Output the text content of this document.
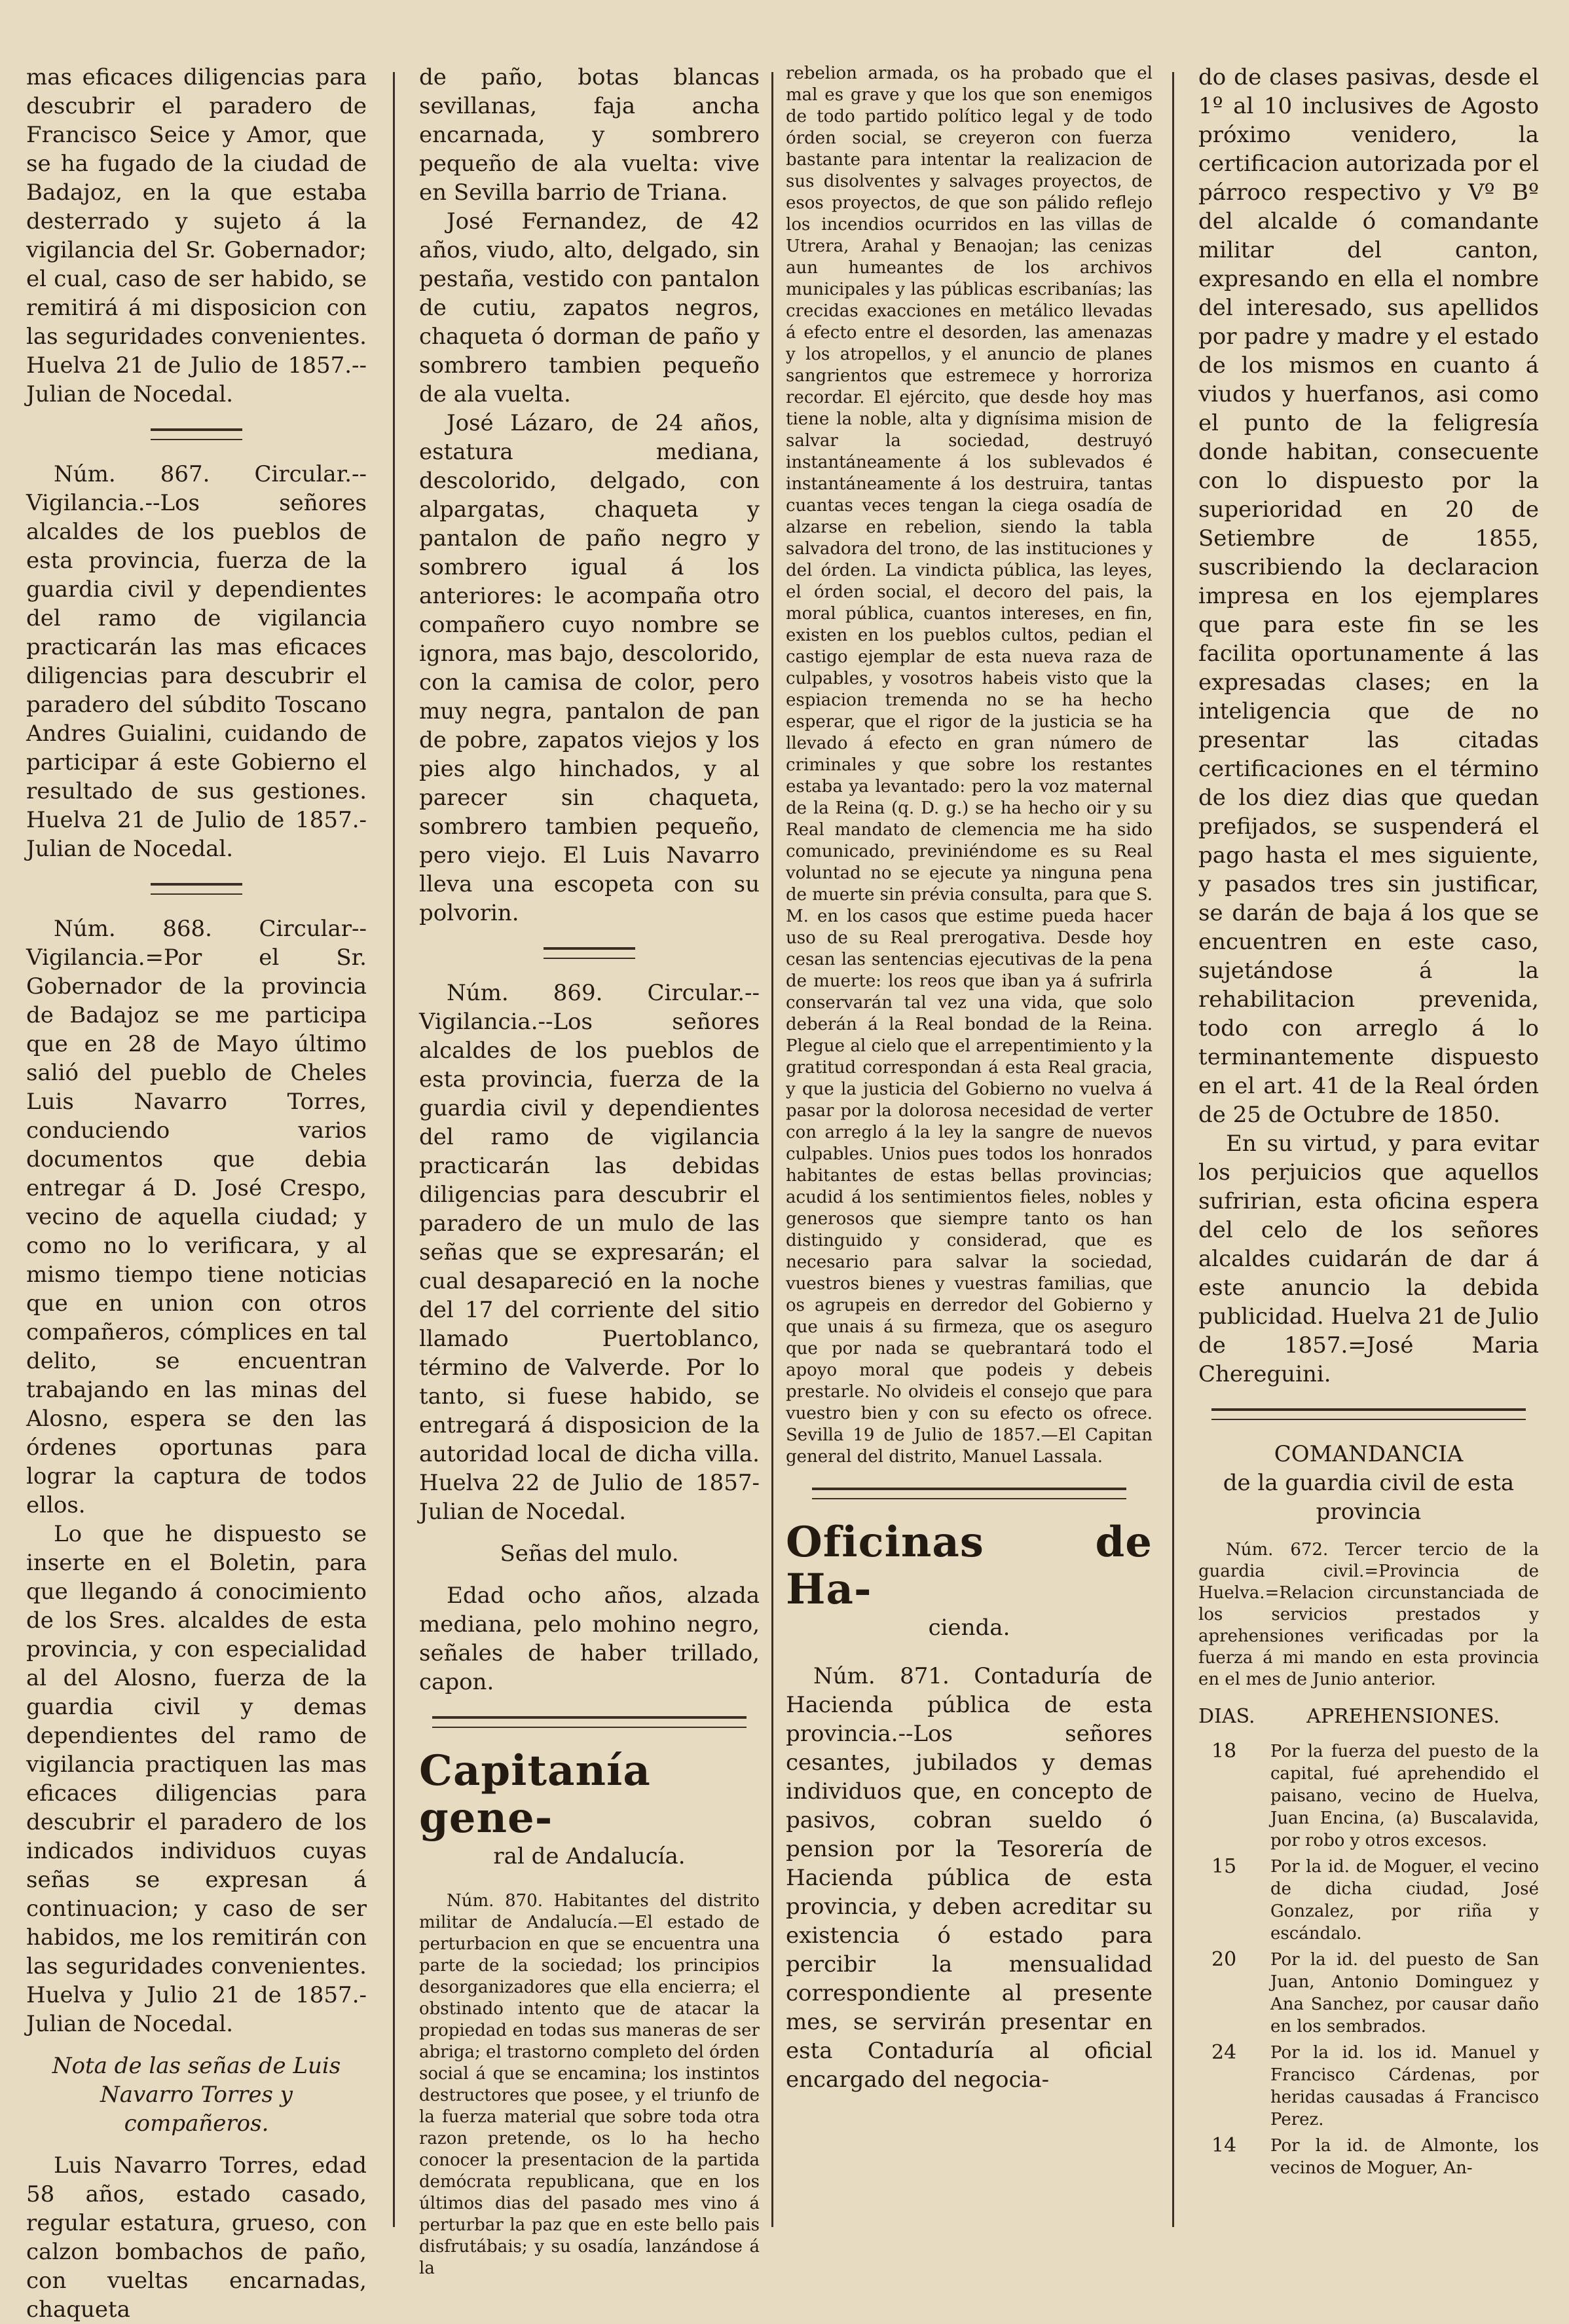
mas eficaces diligencias para descubrir el paradero de Francisco Seice y Amor, que se ha fugado de la ciudad de Badajoz, en la que estaba desterrado y sujeto á la vigilancia del Sr. Gobernador; el cual, caso de ser habido, se remitirá á mi disposicion con las seguridades convenientes. Huelva 21 de Julio de 1857.--Julian de Nocedal.

Núm. 867. Circular.--Vigilancia.--Los señores alcaldes de los pueblos de esta provincia, fuerza de la guardia civil y dependientes del ramo de vigilancia practicarán las mas eficaces diligencias para descubrir el paradero del súbdito Toscano Andres Guialini, cuidando de participar á este Gobierno el resultado de sus gestiones. Huelva 21 de Julio de 1857.-Julian de Nocedal.

Núm. 868. Circular--Vigilancia.=Por el Sr. Gobernador de la provincia de Badajoz se me participa que en 28 de Mayo último salió del pueblo de Cheles Luis Navarro Torres, conduciendo varios documentos que debia entregar á D. José Crespo, vecino de aquella ciudad; y como no lo verificara, y al mismo tiempo tiene noticias que en union con otros compañeros, cómplices en tal delito, se encuentran trabajando en las minas del Alosno, espera se den las órdenes oportunas para lograr la captura de todos ellos.

Lo que he dispuesto se inserte en el Boletin, para que llegando á conocimiento de los Sres. alcaldes de esta provincia, y con especialidad al del Alosno, fuerza de la guardia civil y demas dependientes del ramo de vigilancia practiquen las mas eficaces diligencias para descubrir el paradero de los indicados individuos cuyas señas se expresan á continuacion; y caso de ser habidos, me los remitirán con las seguridades convenientes. Huelva y Julio 21 de 1857.-Julian de Nocedal.

Nota de las señas de Luis Navarro Torres y compañeros.

Luis Navarro Torres, edad 58 años, estado casado, regular estatura, grueso, con calzon bombachos de paño, con vueltas encarnadas, chaqueta

de paño, botas blancas sevillanas, faja ancha encarnada, y sombrero pequeño de ala vuelta: vive en Sevilla barrio de Triana.

José Fernandez, de 42 años, viudo, alto, delgado, sin pestaña, vestido con pantalon de cutiu, zapatos negros, chaqueta ó dorman de paño y sombrero tambien pequeño de ala vuelta.

José Lázaro, de 24 años, estatura mediana, descolorido, delgado, con alpargatas, chaqueta y pantalon de paño negro y sombrero igual á los anteriores: le acompaña otro compañero cuyo nombre se ignora, mas bajo, descolorido, con la camisa de color, pero muy negra, pantalon de pan de pobre, zapatos viejos y los pies algo hinchados, y al parecer sin chaqueta, sombrero tambien pequeño, pero viejo. El Luis Navarro lleva una escopeta con su polvorin.

Núm. 869. Circular.--Vigilancia.--Los señores alcaldes de los pueblos de esta provincia, fuerza de la guardia civil y dependientes del ramo de vigilancia practicarán las debidas diligencias para descubrir el paradero de un mulo de las señas que se expresarán; el cual desapareció en la noche del 17 del corriente del sitio llamado Puertoblanco, término de Valverde. Por lo tanto, si fuese habido, se entregará á disposicion de la autoridad local de dicha villa. Huelva 22 de Julio de 1857-Julian de Nocedal.

Señas del mulo.

Edad ocho años, alzada mediana, pelo mohino negro, señales de haber trillado, capon.

Capitanía gene-

ral de Andalucía.

Núm. 870. Habitantes del distrito militar de Andalucía.—El estado de perturbacion en que se encuentra una parte de la sociedad; los principios desorganizadores que ella encierra; el obstinado intento que de atacar la propiedad en todas sus maneras de ser abriga; el trastorno completo del órden social á que se encamina; los instintos destructores que posee, y el triunfo de la fuerza material que sobre toda otra razon pretende, os lo ha hecho conocer la presentacion de la partida demócrata republicana, que en los últimos dias del pasado mes vino á perturbar la paz que en este bello pais disfrutábais; y su osadía, lanzándose á la

rebelion armada, os ha probado que el mal es grave y que los que son enemigos de todo partido político legal y de todo órden social, se creyeron con fuerza bastante para intentar la realizacion de sus disolventes y salvages proyectos, de esos proyectos, de que son pálido reflejo los incendios ocurridos en las villas de Utrera, Arahal y Benaojan; las cenizas aun humeantes de los archivos municipales y las públicas escribanías; las crecidas exacciones en metálico llevadas á efecto entre el desorden, las amenazas y los atropellos, y el anuncio de planes sangrientos que estremece y horroriza recordar. El ejército, que desde hoy mas tiene la noble, alta y dignísima mision de salvar la sociedad, destruyó instantáneamente á los sublevados é instantáneamente á los destruira, tantas cuantas veces tengan la ciega osadía de alzarse en rebelion, siendo la tabla salvadora del trono, de las instituciones y del órden. La vindicta pública, las leyes, el órden social, el decoro del pais, la moral pública, cuantos intereses, en fin, existen en los pueblos cultos, pedian el castigo ejemplar de esta nueva raza de culpables, y vosotros habeis visto que la espiacion tremenda no se ha hecho esperar, que el rigor de la justicia se ha llevado á efecto en gran número de criminales y que sobre los restantes estaba ya levantado: pero la voz maternal de la Reina (q. D. g.) se ha hecho oir y su Real mandato de clemencia me ha sido comunicado, previniéndome es su Real voluntad no se ejecute ya ninguna pena de muerte sin prévia consulta, para que S. M. en los casos que estime pueda hacer uso de su Real prerogativa. Desde hoy cesan las sentencias ejecutivas de la pena de muerte: los reos que iban ya á sufrirla conservarán tal vez una vida, que solo deberán á la Real bondad de la Reina. Plegue al cielo que el arrepentimiento y la gratitud correspondan á esta Real gracia, y que la justicia del Gobierno no vuelva á pasar por la dolorosa necesidad de verter con arreglo á la ley la sangre de nuevos culpables. Unios pues todos los honrados habitantes de estas bellas provincias; acudid á los sentimientos fieles, nobles y generosos que siempre tanto os han distinguido y considerad, que es necesario para salvar la sociedad, vuestros bienes y vuestras familias, que os agrupeis en derredor del Gobierno y que unais á su firmeza, que os aseguro que por nada se quebrantará todo el apoyo moral que podeis y debeis prestarle. No olvideis el consejo que para vuestro bien y con su efecto os ofrece. Sevilla 19 de Julio de 1857.—El Capitan general del distrito, Manuel Lassala.

Oficinas de Ha-

cienda.

Núm. 871. Contaduría de Hacienda pública de esta provincia.--Los señores cesantes, jubilados y demas individuos que, en concepto de pasivos, cobran sueldo ó pension por la Tesorería de Hacienda pública de esta provincia, y deben acreditar su existencia ó estado para percibir la mensualidad correspondiente al presente mes, se servirán presentar en esta Contaduría al oficial encargado del negocia-

do de clases pasivas, desde el 1º al 10 inclusives de Agosto próximo venidero, la certificacion autorizada por el párroco respectivo y Vº Bº del alcalde ó comandante militar del canton, expresando en ella el nombre del interesado, sus apellidos por padre y madre y el estado de los mismos en cuanto á viudos y huerfanos, asi como el punto de la feligresía donde habitan, consecuente con lo dispuesto por la superioridad en 20 de Setiembre de 1855, suscribiendo la declaracion impresa en los ejemplares que para este fin se les facilita oportunamente á las expresadas clases; en la inteligencia que de no presentar las citadas certificaciones en el término de los diez dias que quedan prefijados, se suspenderá el pago hasta el mes siguiente, y pasados tres sin justificar, se darán de baja á los que se encuentren en este caso, sujetándose á la rehabilitacion prevenida, todo con arreglo á lo terminantemente dispuesto en el art. 41 de la Real órden de 25 de Octubre de 1850.

En su virtud, y para evitar los perjuicios que aquellos sufririan, esta oficina espera del celo de los señores alcaldes cuidarán de dar á este anuncio la debida publicidad. Huelva 21 de Julio de 1857.=José Maria Chereguini.

COMANDANCIA

de la guardia civil de esta provincia

Núm. 672. Tercer tercio de la guardia civil.=Provincia de Huelva.=Relacion circunstanciada de los servicios prestados y aprehensiones verificadas por la fuerza á mi mando en esta provincia en el mes de Junio anterior.

DIAS.	APREHENSIONES.
18	Por la fuerza del puesto de la capital, fué aprehendido el paisano, vecino de Huelva, Juan Encina, (a) Buscalavida, por robo y otros excesos.
15	Por la id. de Moguer, el vecino de dicha ciudad, José Gonzalez, por riña y escándalo.
20	Por la id. del puesto de San Juan, Antonio Dominguez y Ana Sanchez, por causar daño en los sembrados.
24	Por la id. los id. Manuel y Francisco Cárdenas, por heridas causadas á Francisco Perez.
14	Por la id. de Almonte, los vecinos de Moguer, An-
